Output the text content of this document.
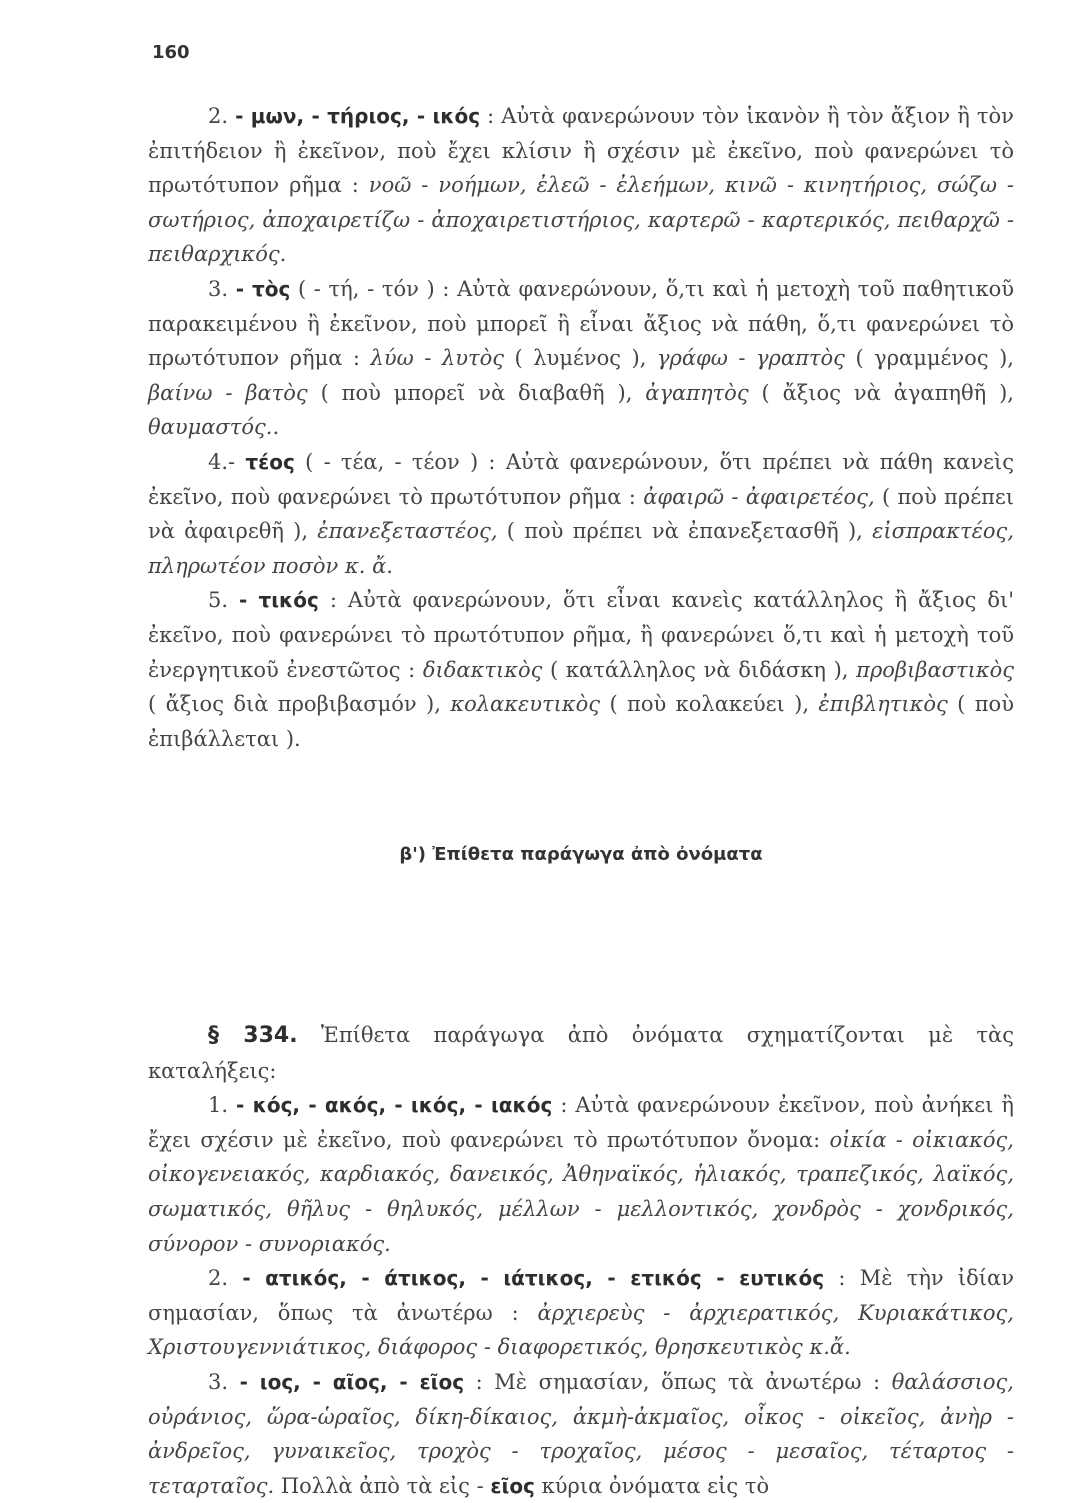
160

2. - μων, - τήριος, - ικός : Αὐτὰ φανερώνουν τὸν ἱκανὸν ἢ τὸν ἄξιον ἢ τὸν ἐπιτήδειον ἢ ἐκεῖνον, ποὺ ἔχει κλίσιν ἢ σχέσιν μὲ ἐκεῖνο, ποὺ φανερώνει τὸ πρωτότυπον ρῆμα : νοῶ - νοήμων, ἐλεῶ - ἐλεήμων, κινῶ - κινητήριος, σώζω - σωτήριος, ἀποχαιρετίζω - ἀποχαιρετιστήριος, καρτερῶ - καρτερικός, πειθαρχῶ - πειθαρχικός.

3. - τὸς ( - τή, - τόν ) : Αὐτὰ φανερώνουν, ὅ,τι καὶ ἡ μετοχὴ τοῦ παθητικοῦ παρακειμένου ἢ ἐκεῖνον, ποὺ μπορεῖ ἢ εἶναι ἄξιος νὰ πάθη, ὅ,τι φανερώνει τὸ πρωτότυπον ρῆμα : λύω - λυτὸς ( λυμένος ), γράφω - γραπτὸς ( γραμμένος ), βαίνω - βατὸς ( ποὺ μπορεῖ νὰ διαβαθῆ ), ἀγαπητὸς ( ἄξιος νὰ ἀγαπηθῆ ), θαυμαστός..

4.- τέος ( - τέα, - τέον ) : Αὐτὰ φανερώνουν, ὅτι πρέπει νὰ πάθη κανεὶς ἐκεῖνο, ποὺ φανερώνει τὸ πρωτότυπον ρῆμα : ἀφαιρῶ - ἀφαιρετέος, ( ποὺ πρέπει νὰ ἀφαιρεθῆ ), ἐπανεξεταστέος, ( ποὺ πρέπει νὰ ἐπανεξετασθῆ ), εἰσπρακτέος, πληρωτέον ποσὸν κ. ἄ.

5. - τικός : Αὐτὰ φανερώνουν, ὅτι εἶναι κανεὶς κατάλληλος ἢ ἄξιος δι' ἐκεῖνο, ποὺ φανερώνει τὸ πρωτότυπον ρῆμα, ἢ φανερώνει ὅ,τι καὶ ἡ μετοχὴ τοῦ ἐνεργητικοῦ ἐνεστῶτος : διδακτικὸς ( κατάλληλος νὰ διδάσκη ), προβιβαστικὸς ( ἄξιος διὰ προβιβασμόν ), κολακευτικὸς ( ποὺ κολακεύει ), ἐπιβλητικὸς ( ποὺ ἐπιβάλλεται ).

β') Ἐπίθετα παράγωγα ἀπὸ ὀνόματα

§ 334. Ἐπίθετα παράγωγα ἀπὸ ὀνόματα σχηματίζονται μὲ τὰς καταλήξεις:

1. - κός, - ακός, - ικός, - ιακός : Αὐτὰ φανερώνουν ἐκεῖνον, ποὺ ἀνήκει ἢ ἔχει σχέσιν μὲ ἐκεῖνο, ποὺ φανερώνει τὸ πρωτότυπον ὄνομα: οἰκία - οἰκιακός, οἰκογενειακός, καρδιακός, δανεικός, Ἀθηναϊκός, ἡλιακός, τραπεζικός, λαϊκός, σωματικός, θῆλυς - θηλυκός, μέλλων - μελλοντικός, χονδρὸς - χονδρικός, σύνορον - συνοριακός.

2. - ατικός, - άτικος, - ιάτικος, - ετικός - ευτικός : Μὲ τὴν ἰδίαν σημασίαν, ὅπως τὰ ἀνωτέρω : ἀρχιερεὺς - ἀρχιερατικός, Κυριακάτικος, Χριστουγεννιάτικος, διάφορος - διαφορετικός, θρησκευτικὸς κ.ἄ.

3. - ιος, - αῖος, - εῖος : Μὲ σημασίαν, ὅπως τὰ ἀνωτέρω : θαλάσσιος, οὐράνιος, ὥρα-ὡραῖος, δίκη-δίκαιος, ἀκμὴ-ἀκμαῖος, οἶκος - οἰκεῖος, ἀνὴρ - ἀνδρεῖος, γυναικεῖος, τροχὸς - τροχαῖος, μέσος - μεσαῖος, τέταρτος - τεταρταῖος. Πολλὰ ἀπὸ τὰ εἰς - εῖος κύρια ὀνόματα εἰς τὸ
